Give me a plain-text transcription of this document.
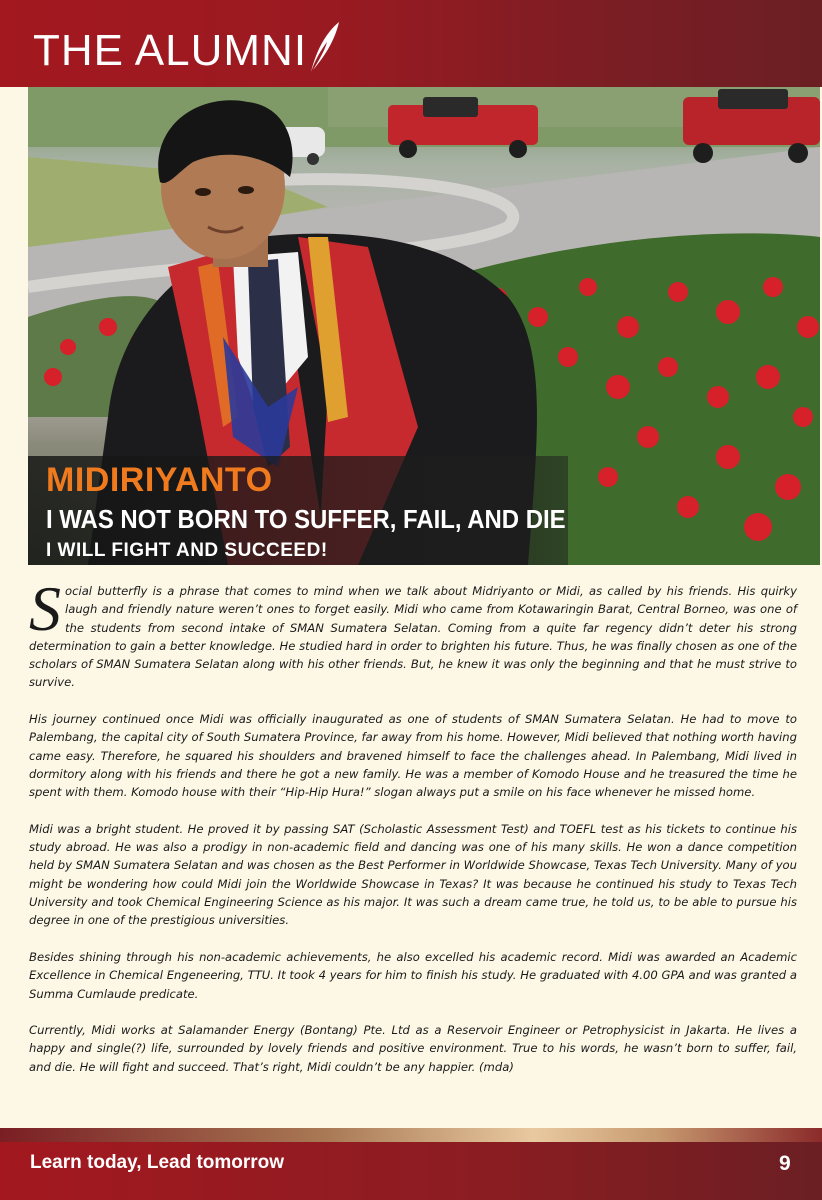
THE ALUMNI
MIDIRIYANTO
I WAS NOT BORN TO SUFFER, FAIL, AND DIE
I WILL FIGHT AND SUCCEED!

Social butterfly is a phrase that comes to mind when we talk about Midriyanto or Midi, as called by his friends. His quirky laugh and friendly nature weren’t ones to forget easily. Midi who came from Kotawaringin Barat, Central Borneo, was one of the students from second intake of SMAN Sumatera Selatan. Coming from a quite far regency didn’t deter his strong determination to gain a better knowledge. He studied hard in order to brighten his future. Thus, he was finally chosen as one of the scholars of SMAN Sumatera Selatan along with his other friends. But, he knew it was only the beginning and that he must strive to survive.

His journey continued once Midi was officially inaugurated as one of students of SMAN Sumatera Selatan. He had to move to Palembang, the capital city of South Sumatera Province, far away from his home. However, Midi believed that nothing worth having came easy. Therefore, he squared his shoulders and bravened himself to face the challenges ahead. In Palembang, Midi lived in dormitory along with his friends and there he got a new family. He was a member of Komodo House and he treasured the time he spent with them. Komodo house with their “Hip-Hip Hura!” slogan always put a smile on his face whenever he missed home.

Midi was a bright student. He proved it by passing SAT (Scholastic Assessment Test) and TOEFL test as his tickets to continue his study abroad. He was also a prodigy in non-academic field and dancing was one of his many skills. He won a dance competition held by SMAN Sumatera Selatan and was chosen as the Best Performer in Worldwide Showcase, Texas Tech University. Many of you might be wondering how could Midi join the Worldwide Showcase in Texas? It was because he continued his study to Texas Tech University and took Chemical Engineering Science as his major. It was such a dream came true, he told us, to be able to pursue his degree in one of the prestigious universities.

Besides shining through his non-academic achievements, he also excelled his academic record. Midi was awarded an Academic Excellence in Chemical Engeneering, TTU. It took 4 years for him to finish his study. He graduated with 4.00 GPA and was granted a Summa Cumlaude predicate.

Currently, Midi works at Salamander Energy (Bontang) Pte. Ltd as a Reservoir Engineer or Petrophysicist in Jakarta. He lives a happy and single(?) life, surrounded by lovely friends and positive environment. True to his words, he wasn’t born to suffer, fail, and die. He will fight and succeed. That’s right, Midi couldn’t be any happier. (mda)

Learn today, Lead tomorrow	9
